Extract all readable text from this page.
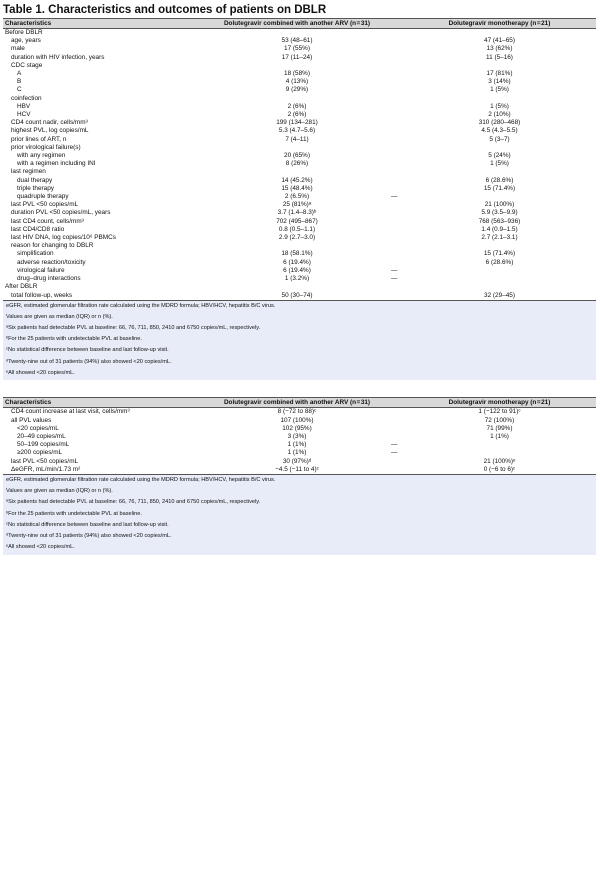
Table 1. Characteristics and outcomes of patients on DBLR
Characteristics	Dolutegravir combined with another ARV (n = 31)	Dolutegravir monotherapy (n = 21)
Before DBLR		
age, years	53 (48–61)	47 (41–65)
male	17 (55%)	13 (62%)
duration with HIV infection, years	17 (11–24)	11 (5–16)
CDC stage		
A	18 (58%)	17 (81%)
B	4 (13%)	3 (14%)
C	9 (29%)	1 (5%)
coinfection		
HBV	2 (6%)	1 (5%)
HCV	2 (6%)	2 (10%)
CD4 count nadir, cells/mm³	199 (134–281)	310 (280–468)
highest PVL, log copies/mL	5.3 (4.7–5.6)	4.5 (4.3–5.5)
prior lines of ART, n	7 (4–11)	5 (3–7)
prior virological failure(s)		
with any regimen	20 (65%)	5 (24%)
with a regimen including INI	8 (26%)	1 (5%)
last regimen		
dual therapy	14 (45.2%)	6 (28.6%)
triple therapy	15 (48.4%)	15 (71.4%)
quadruple therapy	2 (6.5%)	—
last PVL <50 copies/mL	25 (81%)ᵃ	21 (100%)
duration PVL <50 copies/mL, years	3.7 (1.4–8.3)ᵇ	5.9 (3.5–9.9)
last CD4 count, cells/mm³	702 (495–867)	768 (563–936)
last CD4/CD8 ratio	0.8 (0.5–1.1)	1.4 (0.9–1.5)
last HIV DNA, log copies/10⁶ PBMCs	2.9 (2.7–3.0)	2.7 (2.1–3.1)
reason for changing to DBLR		
simplification	18 (58.1%)	15 (71.4%)
adverse reaction/toxicity	6 (19.4%)	6 (28.6%)
virological failure	6 (19.4%)	—
drug–drug interactions	1 (3.2%)	—
After DBLR		
total follow-up, weeks	50 (30–74)	32 (29–45)
eGFR, estimated glomerular filtration rate calculated using the MDRD formula; HBV/HCV, hepatitis B/C virus.
Values are given as median (IQR) or n (%).
ᵃSix patients had detectable PVL at baseline: 66, 76, 711, 850, 2410 and 6750 copies/mL, respectively.
ᵇFor the 25 patients with undetectable PVL at baseline.
ᶜNo statistical difference between baseline and last follow-up visit.
ᵈTwenty-nine out of 31 patients (94%) also showed <20 copies/mL.
ᵉAll showed <20 copies/mL.
Characteristics	Dolutegravir combined with another ARV (n = 31)	Dolutegravir monotherapy (n = 21)
CD4 count increase at last visit, cells/mm³	8 (−72 to 88)ᶜ	1 (−122 to 91)ᶜ
all PVL values	107 (100%)	72 (100%)
<20 copies/mL	102 (95%)	71 (99%)
20–49 copies/mL	3 (3%)	1 (1%)
50–199 copies/mL	1 (1%)	—
≥200 copies/mL	1 (1%)	—
last PVL <50 copies/mL	30 (97%)ᵈ	21 (100%)ᵉ
ΔeGFR, mL/min/1.73 m²	−4.5 (−11 to 4)ᶜ	0 (−6 to 6)ᶜ
eGFR, estimated glomerular filtration rate calculated using the MDRD formula; HBV/HCV, hepatitis B/C virus.
Values are given as median (IQR) or n (%).
ᵃSix patients had detectable PVL at baseline: 66, 76, 711, 850, 2410 and 6750 copies/mL, respectively.
ᵇFor the 25 patients with undetectable PVL at baseline.
ᶜNo statistical difference between baseline and last follow-up visit.
ᵈTwenty-nine out of 31 patients (94%) also showed <20 copies/mL.
ᵉAll showed <20 copies/mL.
